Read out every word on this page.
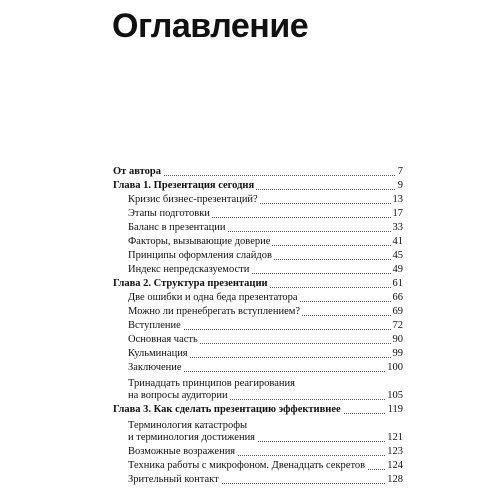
Оглавление
От автора	7
Глава 1. Презентация сегодня	9
Кризис бизнес-презентаций?	13
Этапы подготовки	17
Баланс в презентации	33
Факторы, вызывающие доверие	41
Принципы оформления слайдов	45
Индекс непредсказуемости	49
Глава 2. Структура презентации	61
Две ошибки и одна беда презентатора	66
Можно ли пренебрегать вступлением?	69
Вступление	72
Основная часть	90
Кульминация	99
Заключение	100
Тринадцать принципов реагирования
на вопросы аудитории	105
Глава 3. Как сделать презентацию эффективнее	119
Терминология катастрофы
и терминология достижения	121
Возможные возражения	123
Техника работы с микрофоном. Двенадцать секретов 124
Зрительный контакт	128
